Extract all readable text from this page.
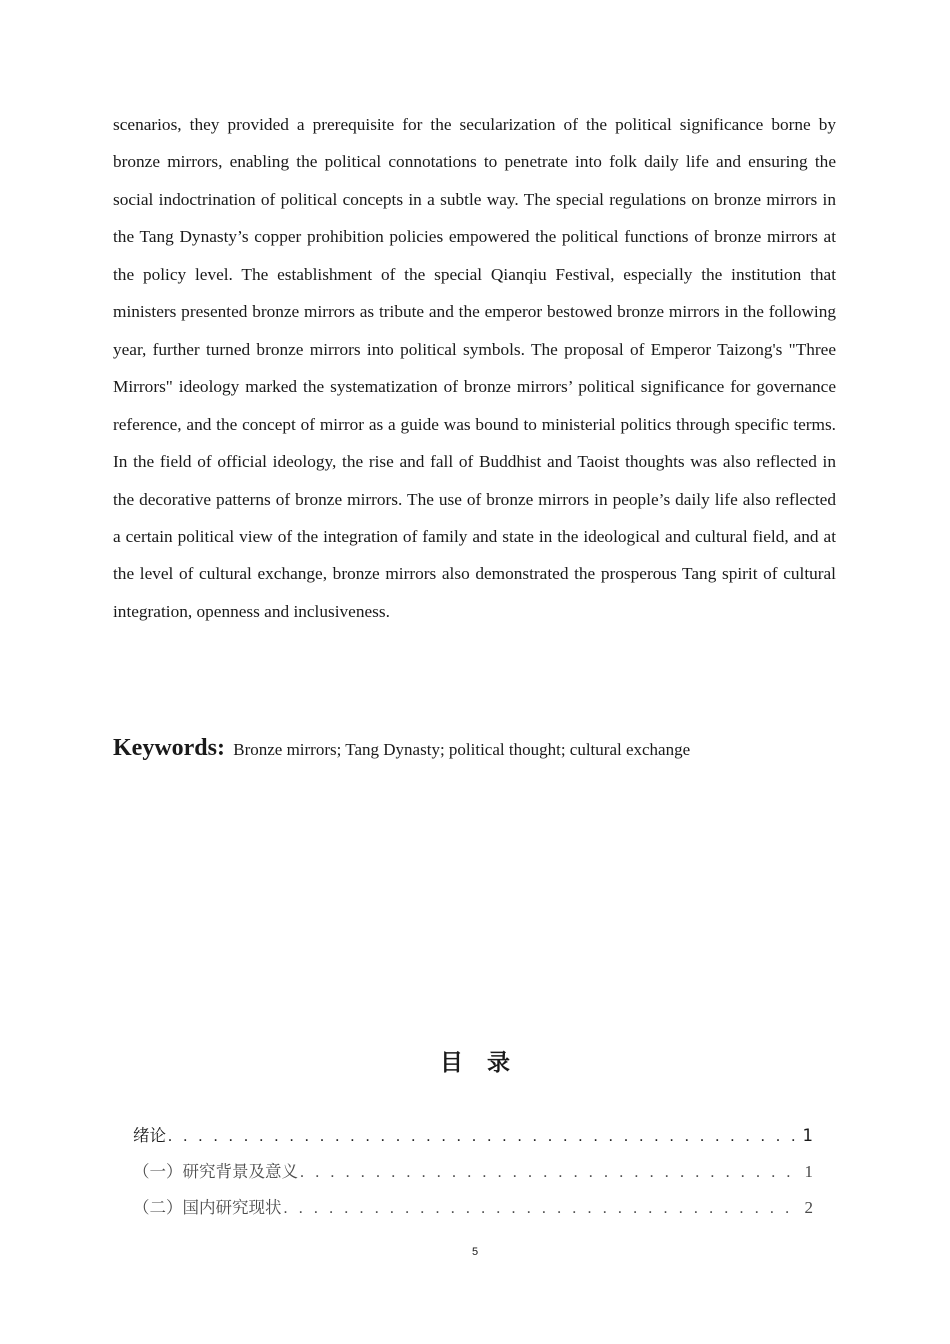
scenarios, they provided a prerequisite for the secularization of the political significance borne by bronze mirrors, enabling the political connotations to penetrate into folk daily life and ensuring the social indoctrination of political concepts in a subtle way. The special regulations on bronze mirrors in the Tang Dynasty’s copper prohibition policies empowered the political functions of bronze mirrors at the policy level. The establishment of the special Qianqiu Festival, especially the institution that ministers presented bronze mirrors as tribute and the emperor bestowed bronze mirrors in the following year, further turned bronze mirrors into political symbols. The proposal of Emperor Taizong's "Three Mirrors" ideology marked the systematization of bronze mirrors’ political significance for governance reference, and the concept of mirror as a guide was bound to ministerial politics through specific terms. In the field of official ideology, the rise and fall of Buddhist and Taoist thoughts was also reflected in the decorative patterns of bronze mirrors. The use of bronze mirrors in people’s daily life also reflected a certain political view of the integration of family and state in the ideological and cultural field, and at the level of cultural exchange, bronze mirrors also demonstrated the prosperous Tang spirit of cultural integration, openness and inclusiveness.

Keywords: Bronze mirrors; Tang Dynasty; political thought; cultural exchange

目录
绪论 . . .	1
（一）研究背景及意义 . . .	1
（二）国内研究现状 . . .	2

5
